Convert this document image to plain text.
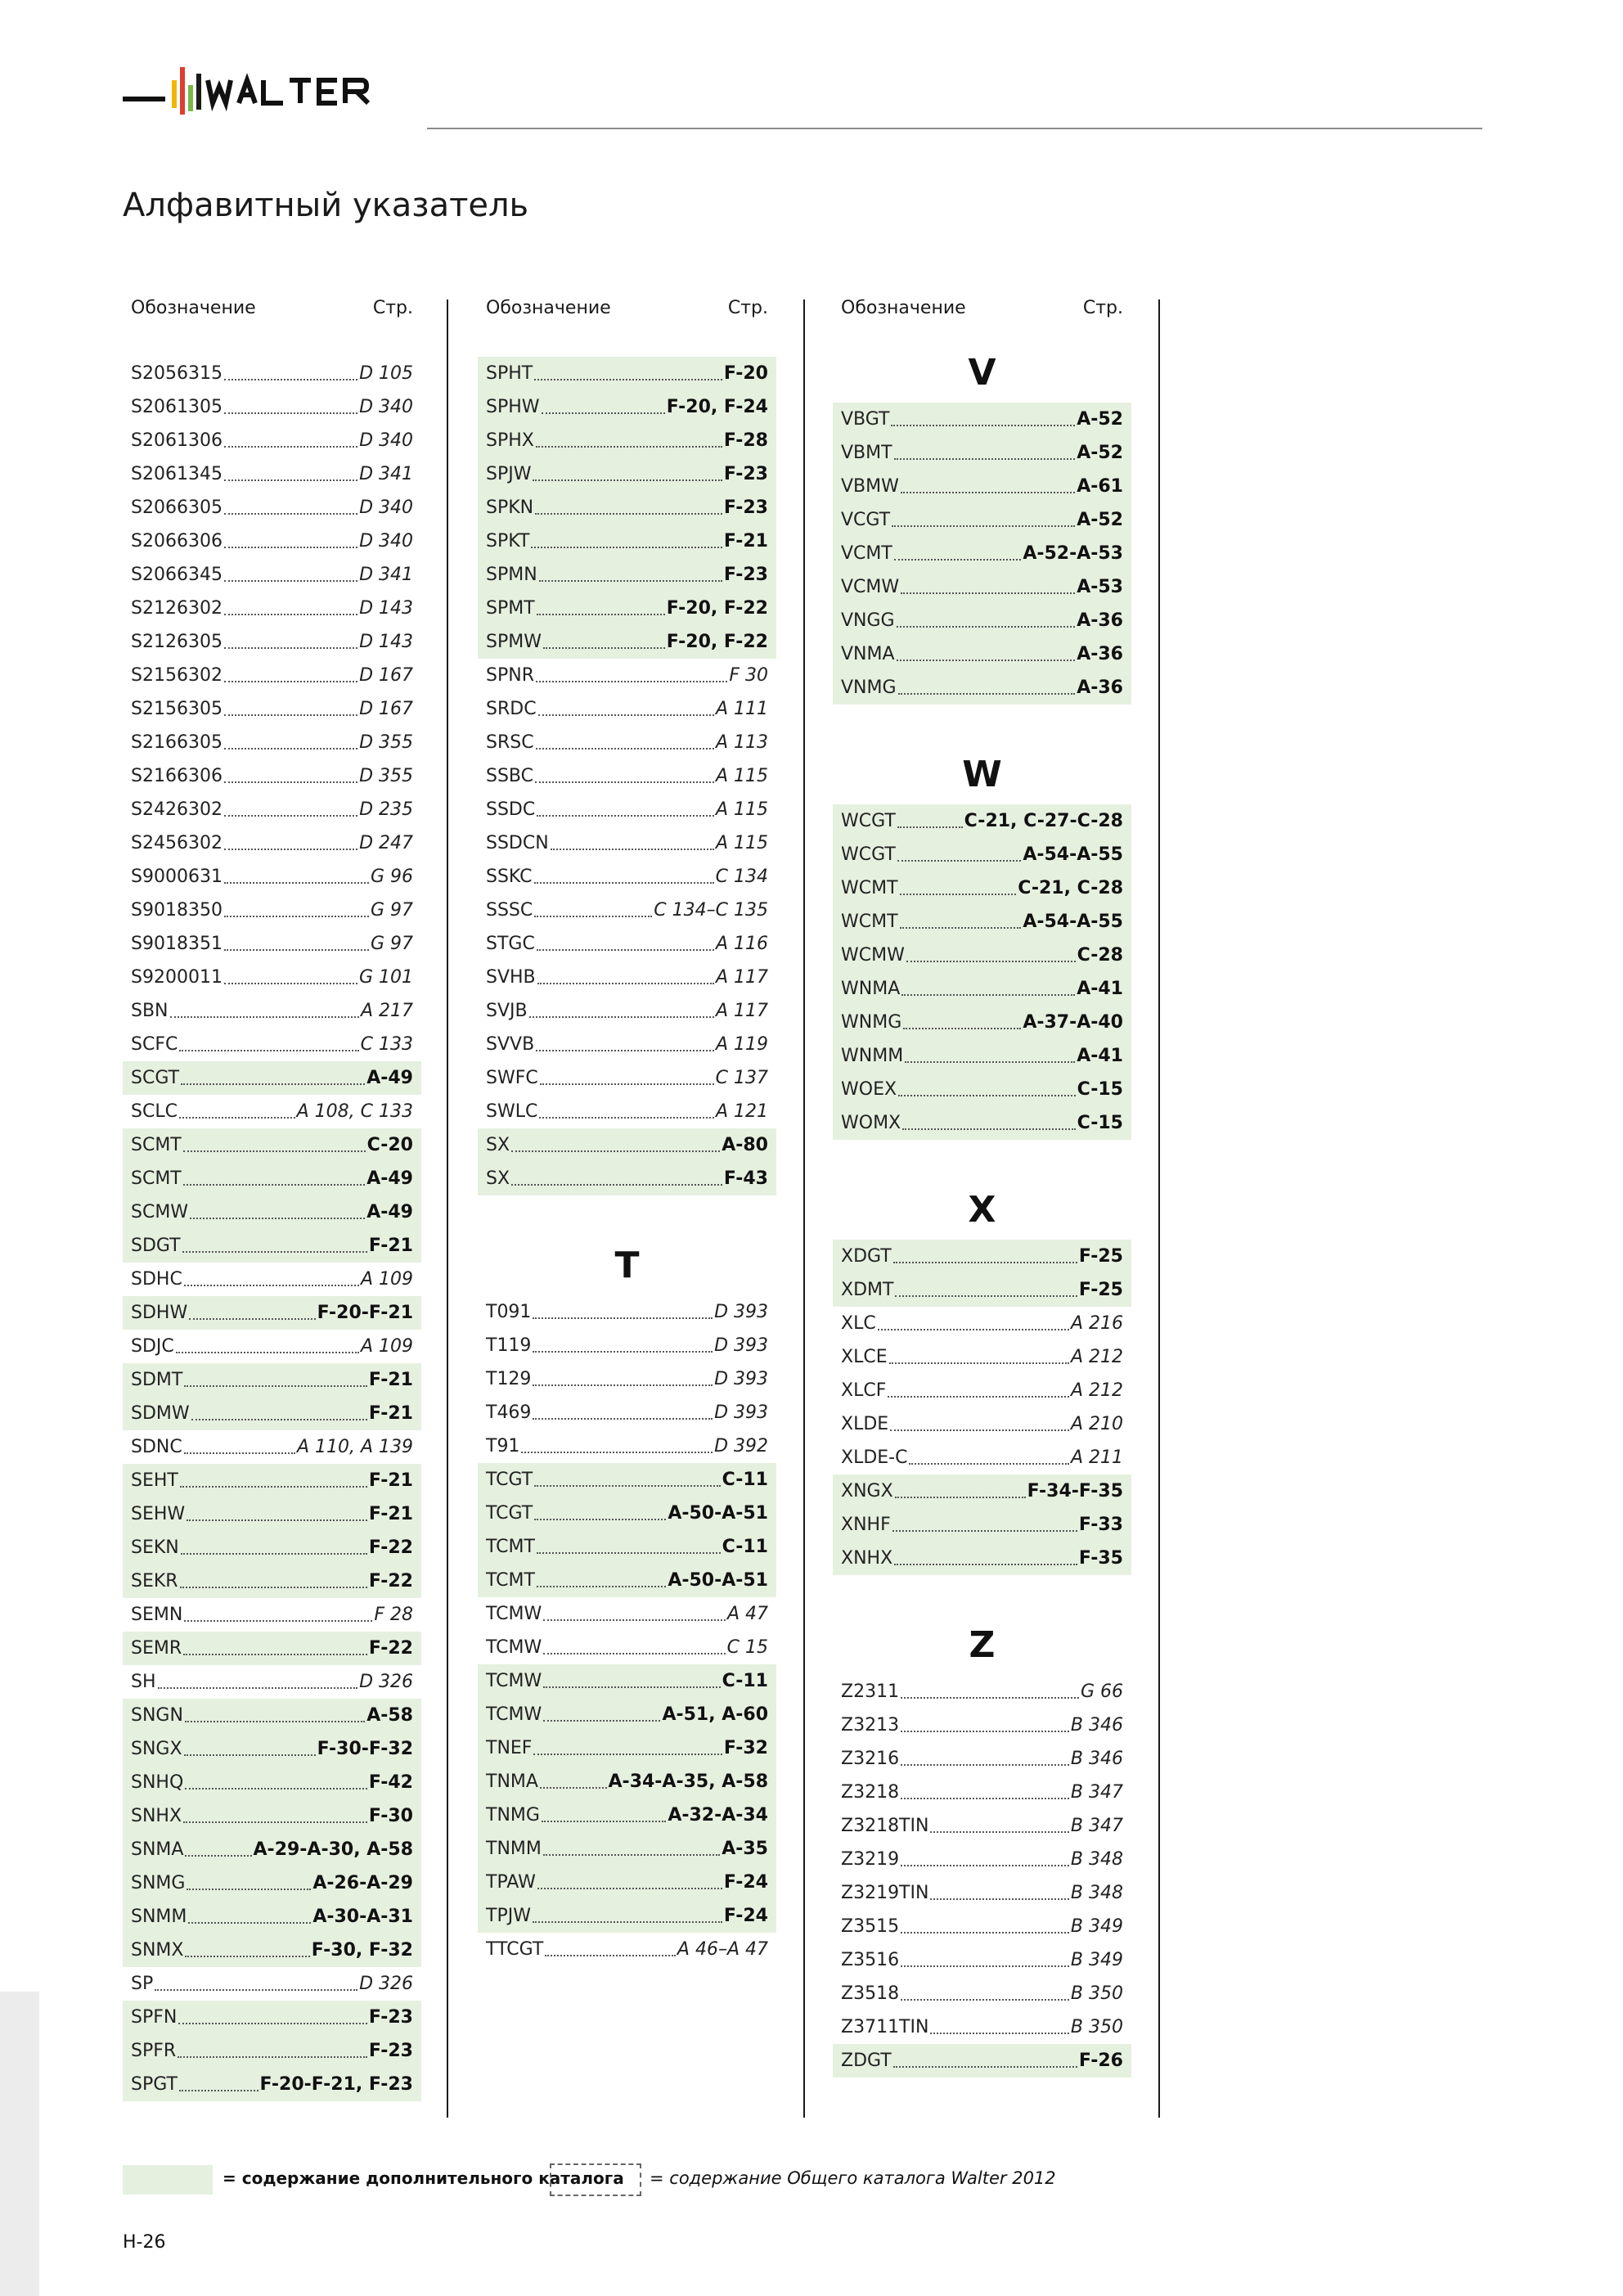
Алфавитный указатель
Обозначение	Стр.
S2056315	D 105
S2061305	D 340
S2061306	D 340
S2061345	D 341
S2066305	D 340
S2066306	D 340
S2066345	D 341
S2126302	D 143
S2126305	D 143
S2156302	D 167
S2156305	D 167
S2166305	D 355
S2166306	D 355
S2426302	D 235
S2456302	D 247
S9000631	G 96
S9018350	G 97
S9018351	G 97
S9200011	G 101
SBN	A 217
SCFC	C 133
SCGT	A-49
SCLC	A 108, C 133
SCMT	C-20
SCMT	A-49
SCMW	A-49
SDGT	F-21
SDHC	A 109
SDHW	F-20-F-21
SDJC	A 109
SDMT	F-21
SDMW	F-21
SDNC	A 110, A 139
SEHT	F-21
SEHW	F-21
SEKN	F-22
SEKR	F-22
SEMN	F 28
SEMR	F-22
SH	D 326
SNGN	A-58
SNGX	F-30-F-32
SNHQ	F-42
SNHX	F-30
SNMA	A-29-A-30, A-58
SNMG	A-26-A-29
SNMM	A-30-A-31
SNMX	F-30, F-32
SP	D 326
SPFN	F-23
SPFR	F-23
SPGT	F-20-F-21, F-23
Обозначение	Стр.
SPHT	F-20
SPHW	F-20, F-24
SPHX	F-28
SPJW	F-23
SPKN	F-23
SPKT	F-21
SPMN	F-23
SPMT	F-20, F-22
SPMW	F-20, F-22
SPNR	F 30
SRDC	A 111
SRSC	A 113
SSBC	A 115
SSDC	A 115
SSDCN	A 115
SSKC	C 134
SSSC	C 134–C 135
STGC	A 116
SVHB	A 117
SVJB	A 117
SVVB	A 119
SWFC	C 137
SWLC	A 121
SX	A-80
SX	F-43
T
T091	D 393
T119	D 393
T129	D 393
T469	D 393
T91	D 392
TCGT	C-11
TCGT	A-50-A-51
TCMT	C-11
TCMT	A-50-A-51
TCMW	A 47
TCMW	C 15
TCMW	C-11
TCMW	A-51, A-60
TNEF	F-32
TNMA	A-34-A-35, A-58
TNMG	A-32-A-34
TNMM	A-35
TPAW	F-24
TPJW	F-24
TTCGT	A 46–A 47
Обозначение	Стр.
V
VBGT	A-52
VBMT	A-52
VBMW	A-61
VCGT	A-52
VCMT	A-52-A-53
VCMW	A-53
VNGG	A-36
VNMA	A-36
VNMG	A-36
W
WCGT	C-21, C-27-C-28
WCGT	A-54-A-55
WCMT	C-21, C-28
WCMT	A-54-A-55
WCMW	C-28
WNMA	A-41
WNMG	A-37-A-40
WNMM	A-41
WOEX	C-15
WOMX	C-15
X
XDGT	F-25
XDMT	F-25
XLC	A 216
XLCE	A 212
XLCF	A 212
XLDE	A 210
XLDE-C	A 211
XNGX	F-34-F-35
XNHF	F-33
XNHX	F-35
Z
Z2311	G 66
Z3213	B 346
Z3216	B 346
Z3218	B 347
Z3218TIN	B 347
Z3219	B 348
Z3219TIN	B 348
Z3515	B 349
Z3516	B 349
Z3518	B 350
Z3711TIN	B 350
ZDGT	F-26
= содержание дополнительного каталога = содержание Общего каталога Walter 2012
H-26
